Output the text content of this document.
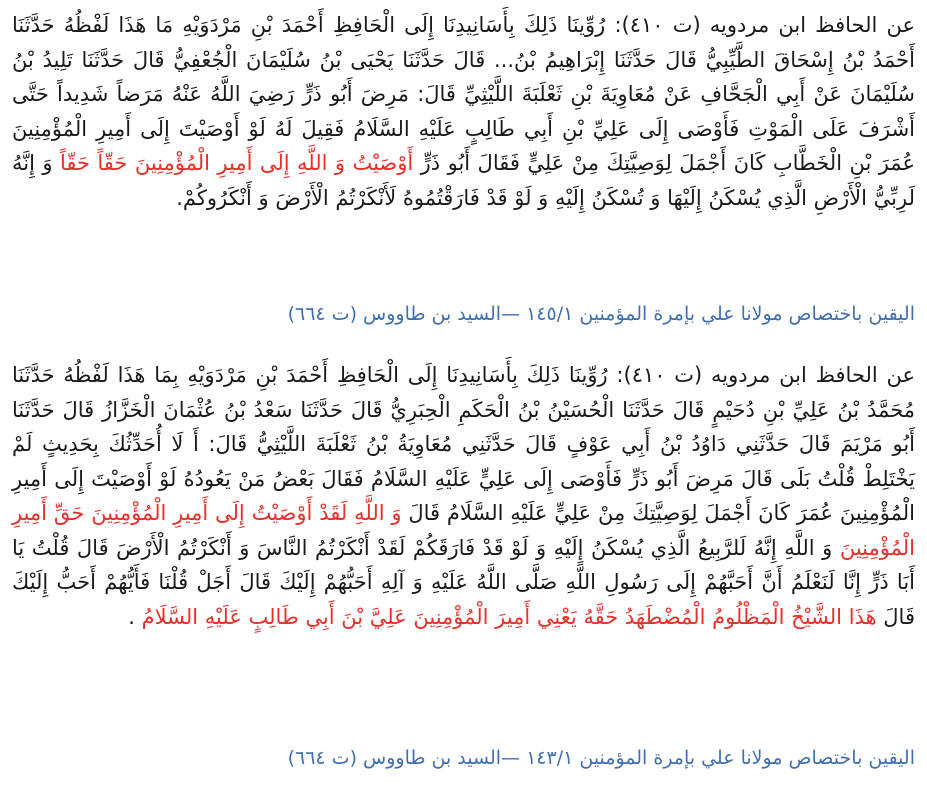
عن الحافظ ابن مردويه (ت ٤١٠): رُوِّينَا ذَلِكَ بِأَسَانِيدِنَا إِلَى الْحَافِظِ أَحْمَدَ بْنِ مَرْدَوَيْهِ مَا هَذَا لَفْظُهُ حَدَّثَنَا أَحْمَدُ بْنُ إِسْحَاقَ الطَّيِّبِيُّ قَالَ حَدَّثَنَا إِبْرَاهِيمُ بْنُ... قَالَ حَدَّثَنَا يَحْيَى بْنُ سُلَيْمَانَ الْجُعْفِيُّ قَالَ حَدَّثَنَا تَلِيدُ بْنُ سُلَيْمَانَ عَنْ أَبِي الْجَحَّافِ عَنْ مُعَاوِيَةَ بْنِ ثَعْلَبَةَ اللَّيْثِيِّ قَالَ: مَرِضَ أَبُو ذَرٍّ رَضِيَ اللَّهُ عَنْهُ مَرَضاً شَدِيداً حَتَّى أَشْرَفَ عَلَى الْمَوْتِ فَأَوْصَى إِلَى عَلِيِّ بْنِ أَبِي طَالِبٍ عَلَيْهِ السَّلَامُ فَقِيلَ لَهُ لَوْ أَوْصَيْتَ إِلَى أَمِيرِ الْمُؤْمِنِينَ عُمَرَ بْنِ الْخَطَّابِ كَانَ أَجْمَلَ لِوَصِيَّتِكَ مِنْ عَلِيٍّ فَقَالَ أَبُو ذَرٍّ أَوْصَيْتُ وَ اللَّهِ إِلَى أَمِيرِ الْمُؤْمِنِينَ حَقّاً حَقّاً وَ إِنَّهُ لَرِبِّيُّ الْأَرْضِ الَّذِي يُسْكَنُ إِلَيْهَا وَ تُسْكَنُ إِلَيْهِ وَ لَوْ قَدْ فَارَقْتُمُوهُ لَأَنْكَرْتُمُ الْأَرْضَ وَ أَنْكَرُوكُمْ.

اليقين باختصاص مولانا علي بإمرة المؤمنين ١٤٥/١ —السيد بن طاووس (ت ٦٦٤)

عن الحافظ ابن مردويه (ت ٤١٠): رُوِّينَا ذَلِكَ بِأَسَانِيدِنَا إِلَى الْحَافِظِ أَحْمَدَ بْنِ مَرْدَوَيْهِ بِمَا هَذَا لَفْظُهُ حَدَّثَنَا مُحَمَّدُ بْنُ عَلِيِّ بْنِ دُحَيْمٍ قَالَ حَدَّثَنَا الْحُسَيْنُ بْنُ الْحَكَمِ الْحِبَرِيُّ قَالَ حَدَّثَنَا سَعْدُ بْنُ عُثْمَانَ الْخَزَّازُ قَالَ حَدَّثَنَا أَبُو مَرْيَمَ قَالَ حَدَّثَنِي دَاوُدُ بْنُ أَبِي عَوْفٍ قَالَ حَدَّثَنِي مُعَاوِيَةُ بْنُ ثَعْلَبَةَ اللَّيْثِيُّ قَالَ: أَ لَا أُحَدِّثُكَ بِحَدِيثٍ لَمْ يَخْتَلِطْ قُلْتُ بَلَى قَالَ مَرِضَ أَبُو ذَرٍّ فَأَوْصَى إِلَى عَلِيٍّ عَلَيْهِ السَّلَامُ فَقَالَ بَعْضُ مَنْ يَعُودُهُ لَوْ أَوْصَيْتَ إِلَى أَمِيرِ الْمُؤْمِنِينَ عُمَرَ كَانَ أَجْمَلَ لِوَصِيَّتِكَ مِنْ عَلِيٍّ عَلَيْهِ السَّلَامُ قَالَ وَ اللَّهِ لَقَدْ أَوْصَيْتُ إِلَى أَمِيرِ الْمُؤْمِنِينَ حَقِّ أَمِيرِ الْمُؤْمِنِينَ وَ اللَّهِ إِنَّهُ لَلرَّبِيعُ الَّذِي يُسْكَنُ إِلَيْهِ وَ لَوْ قَدْ فَارَقَكُمْ لَقَدْ أَنْكَرْتُمُ النَّاسَ وَ أَنْكَرْتُمُ الْأَرْضَ قَالَ قُلْتُ يَا أَبَا ذَرٍّ إِنَّا لَنَعْلَمُ أَنَّ أَحَبَّهُمْ إِلَى رَسُولِ اللَّهِ صَلَّى اللَّهُ عَلَيْهِ وَ آلِهِ أَحَبُّهُمْ إِلَيْكَ قَالَ أَجَلْ قُلْنَا فَأَيُّهُمْ أَحَبُّ إِلَيْكَ قَالَ هَذَا الشَّيْخُ الْمَظْلُومُ الْمُضْطَهَدُ حَقَّهُ يَعْنِي أَمِيرَ الْمُؤْمِنِينَ عَلِيَّ بْنَ أَبِي طَالِبٍ عَلَيْهِ السَّلَامُ .

اليقين باختصاص مولانا علي بإمرة المؤمنين ١٤٣/١ —السيد بن طاووس (ت ٦٦٤)
